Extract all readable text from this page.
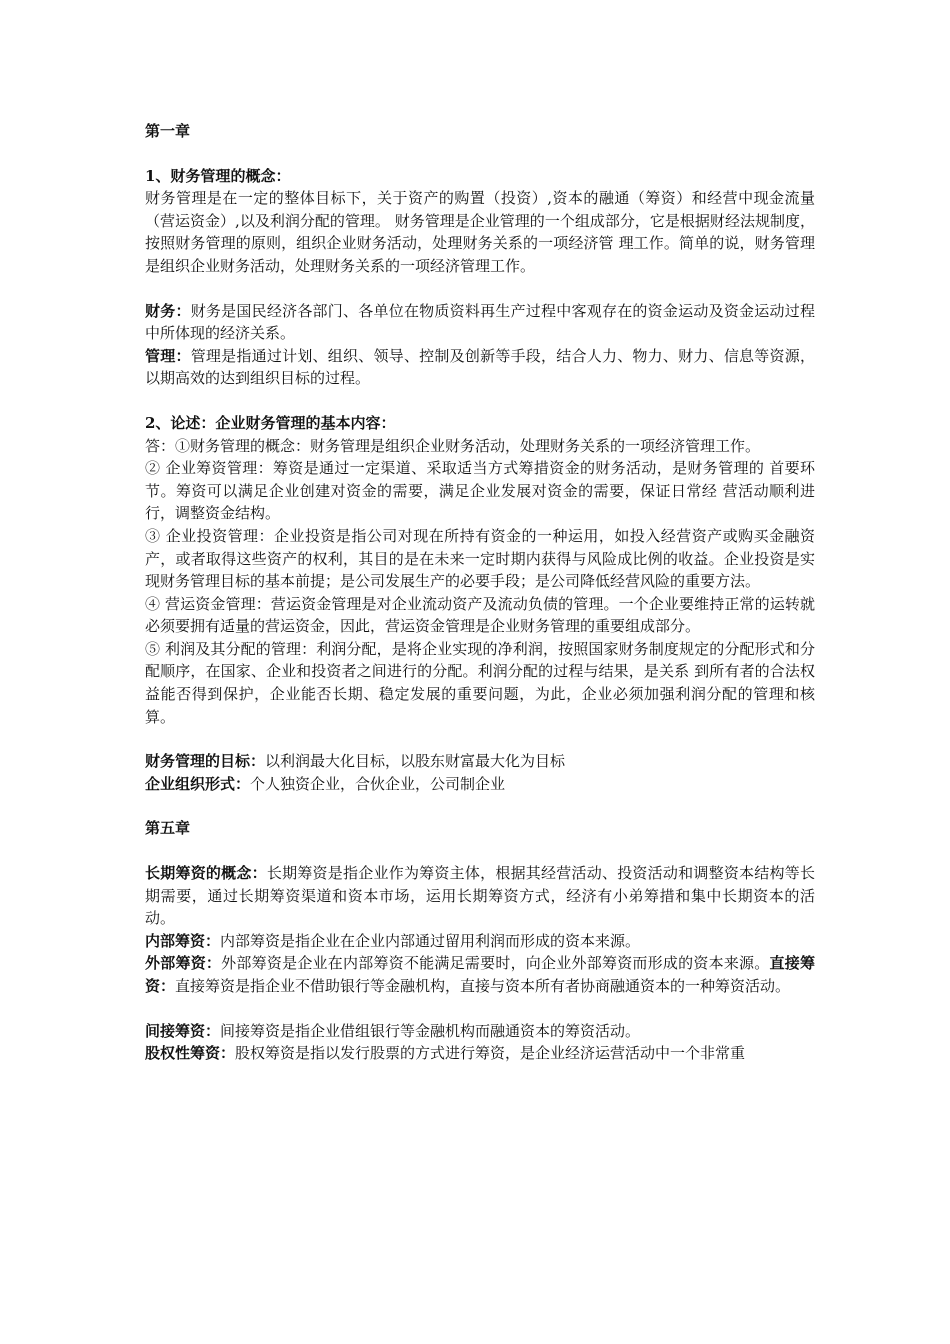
第一章

1、财务管理的概念：

财务管理是在一定的整体目标下，关于资产的购置（投资）,资本的融通（筹资）和经营中现金流量（营运资金）,以及利润分配的管理。 财务管理是企业管理的一个组成部分，它是根据财经法规制度，按照财务管理的原则，组织企业财务活动，处理财务关系的一项经济管 理工作。简单的说，财务管理是组织企业财务活动，处理财务关系的一项经济管理工作。

财务：财务是国民经济各部门、各单位在物质资料再生产过程中客观存在的资金运动及资金运动过程中所体现的经济关系。

管理：管理是指通过计划、组织、领导、控制及创新等手段，结合人力、物力、财力、信息等资源，以期高效的达到组织目标的过程。

2、论述：企业财务管理的基本内容：

答：①财务管理的概念：财务管理是组织企业财务活动，处理财务关系的一项经济管理工作。

② 企业筹资管理：筹资是通过一定渠道、采取适当方式筹措资金的财务活动，是财务管理的 首要环节。筹资可以满足企业创建对资金的需要，满足企业发展对资金的需要，保证日常经 营活动顺利进行，调整资金结构。

③ 企业投资管理：企业投资是指公司对现在所持有资金的一种运用，如投入经营资产或购买金融资产，或者取得这些资产的权利，其目的是在未来一定时期内获得与风险成比例的收益。企业投资是实现财务管理目标的基本前提；是公司发展生产的必要手段；是公司降低经营风险的重要方法。

④ 营运资金管理：营运资金管理是对企业流动资产及流动负债的管理。一个企业要维持正常的运转就必须要拥有适量的营运资金，因此，营运资金管理是企业财务管理的重要组成部分。

⑤ 利润及其分配的管理：利润分配，是将企业实现的净利润，按照国家财务制度规定的分配形式和分配顺序，在国家、企业和投资者之间进行的分配。利润分配的过程与结果，是关系 到所有者的合法权益能否得到保护，企业能否长期、稳定发展的重要问题，为此，企业必须加强利润分配的管理和核算。

财务管理的目标：以利润最大化目标，以股东财富最大化为目标

企业组织形式：个人独资企业，合伙企业，公司制企业

第五章

长期筹资的概念：长期筹资是指企业作为筹资主体，根据其经营活动、投资活动和调整资本结构等长期需要，通过长期筹资渠道和资本市场，运用长期筹资方式，经济有小弟筹措和集中长期资本的活动。

内部筹资：内部筹资是指企业在企业内部通过留用利润而形成的资本来源。

外部筹资：外部筹资是企业在内部筹资不能满足需要时，向企业外部筹资而形成的资本来源。直接筹资：直接筹资是指企业不借助银行等金融机构，直接与资本所有者协商融通资本的一种筹资活动。

间接筹资：间接筹资是指企业借组银行等金融机构而融通资本的筹资活动。

股权性筹资：股权筹资是指以发行股票的方式进行筹资，是企业经济运营活动中一个非常重
